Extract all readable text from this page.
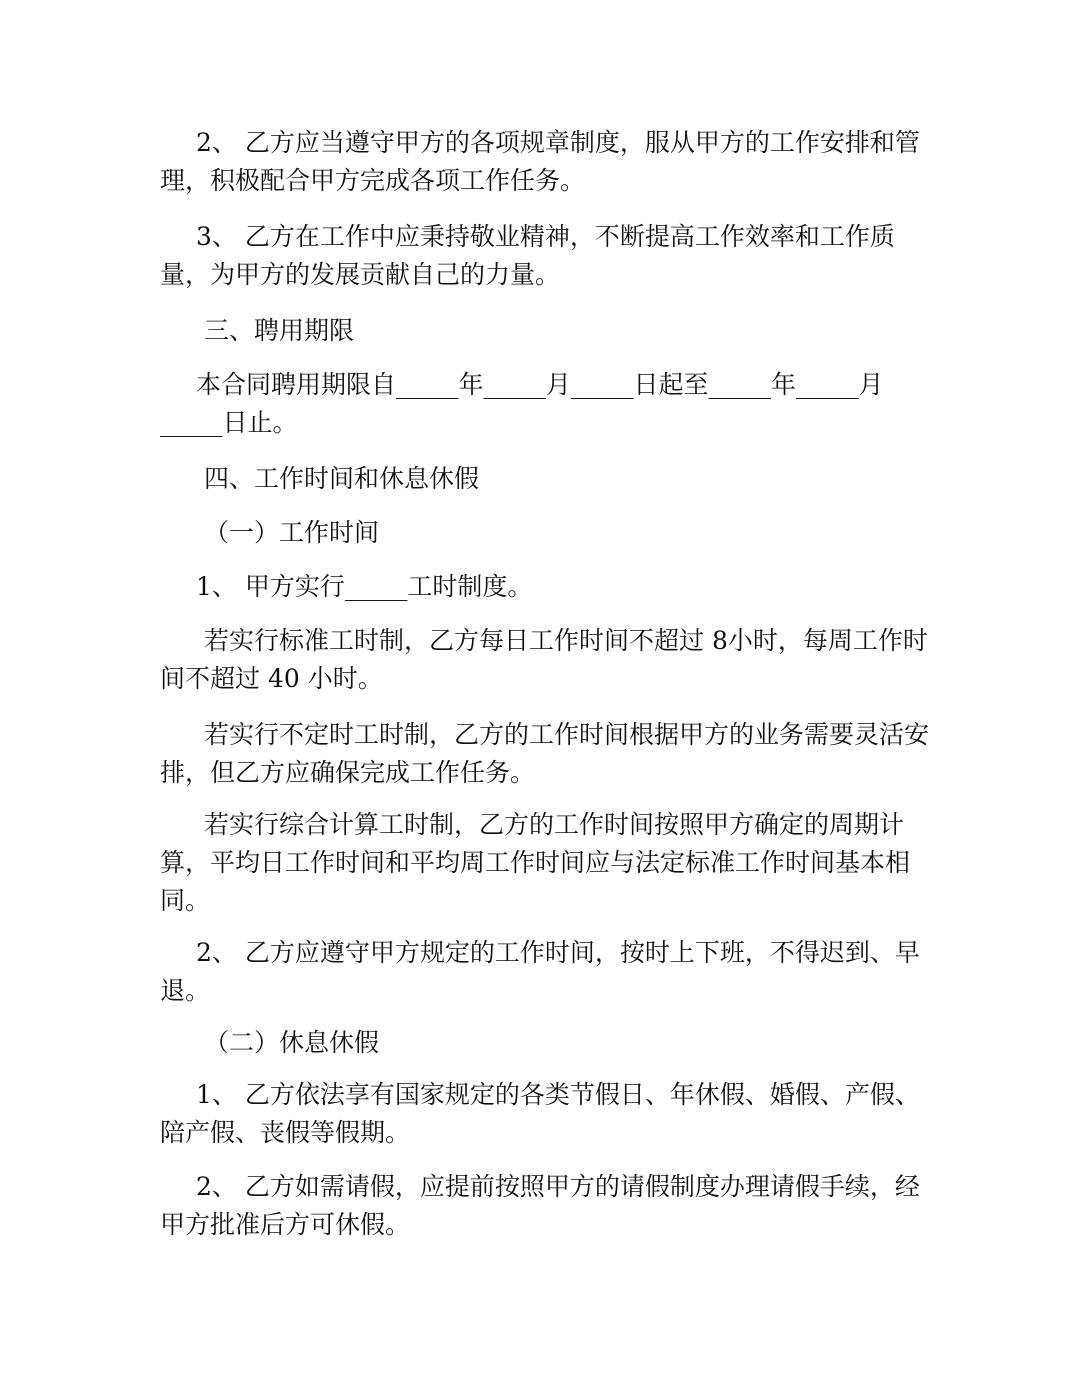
2、 乙方应当遵守甲方的各项规章制度，服从甲方的工作安排和管
理，积极配合甲方完成各项工作任务。
3、 乙方在工作中应秉持敬业精神，不断提高工作效率和工作质
量，为甲方的发展贡献自己的力量。
三、聘用期限
本合同聘用期限自_____年_____月_____日起至_____年_____月
_____日止。
四、工作时间和休息休假
（一）工作时间
1、 甲方实行_____工时制度。
若实行标准工时制，乙方每日工作时间不超过 8小时，每周工作时
间不超过 40 小时。
若实行不定时工时制，乙方的工作时间根据甲方的业务需要灵活安
排，但乙方应确保完成工作任务。
若实行综合计算工时制，乙方的工作时间按照甲方确定的周期计
算，平均日工作时间和平均周工作时间应与法定标准工作时间基本相
同。
2、 乙方应遵守甲方规定的工作时间，按时上下班，不得迟到、早
退。
（二）休息休假
1、 乙方依法享有国家规定的各类节假日、年休假、婚假、产假、
陪产假、丧假等假期。
2、 乙方如需请假，应提前按照甲方的请假制度办理请假手续，经
甲方批准后方可休假。
